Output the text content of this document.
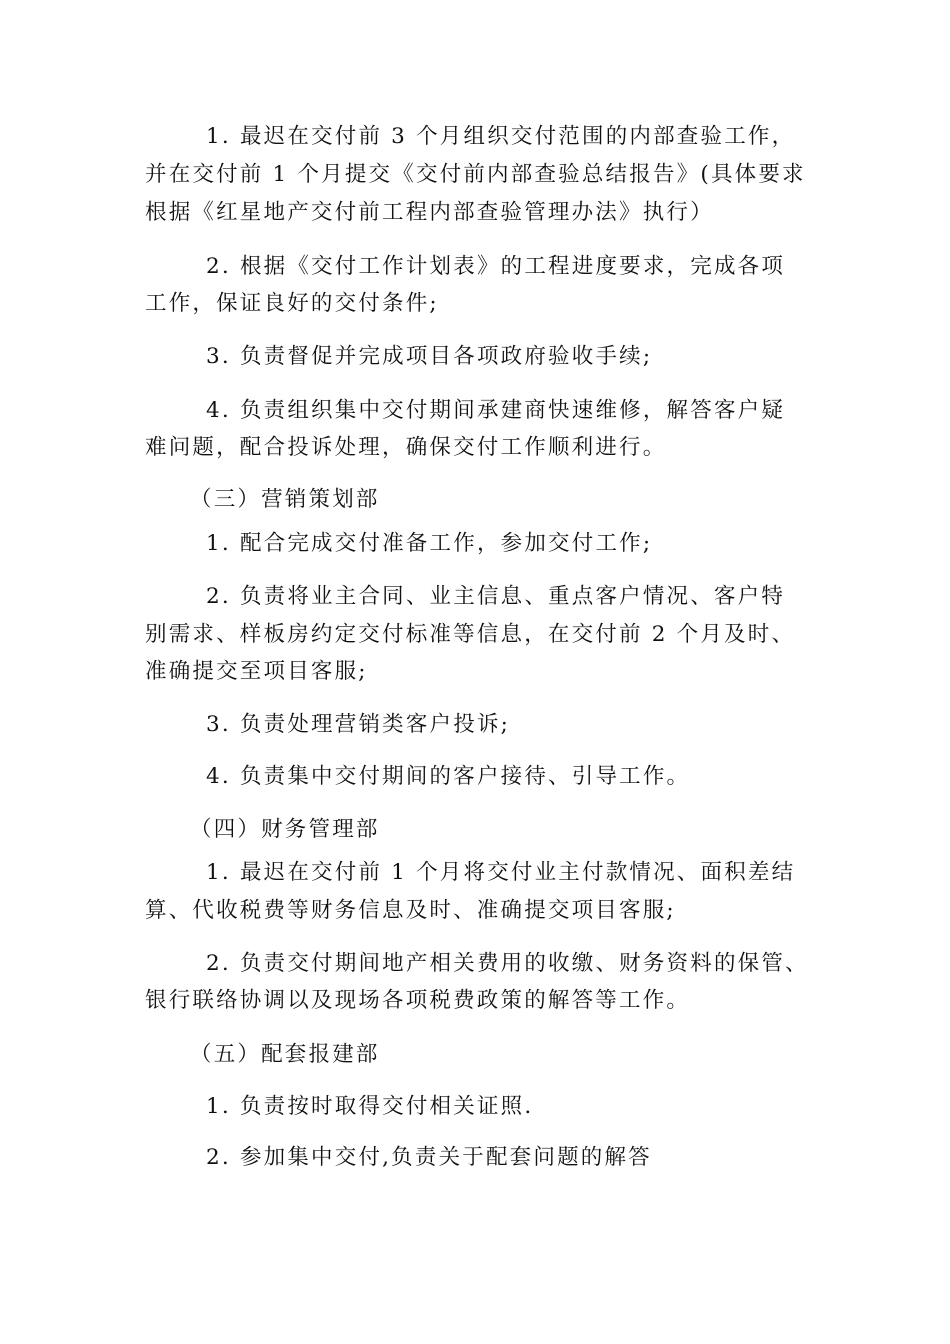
1. 最迟在交付前 3 个月组织交付范围的内部查验工作，
并在交付前 1 个月提交《交付前内部查验总结报告》(具体要求
根据《红星地产交付前工程内部查验管理办法》执行）
2. 根据《交付工作计划表》的工程进度要求，完成各项
工作，保证良好的交付条件;
3. 负责督促并完成项目各项政府验收手续;
4. 负责组织集中交付期间承建商快速维修，解答客户疑
难问题，配合投诉处理，确保交付工作顺利进行。
（三）营销策划部
1. 配合完成交付准备工作，参加交付工作;
2. 负责将业主合同、业主信息、重点客户情况、客户特
别需求、样板房约定交付标准等信息，在交付前 2 个月及时、
准确提交至项目客服;
3. 负责处理营销类客户投诉;
4. 负责集中交付期间的客户接待、引导工作。
（四）财务管理部
1. 最迟在交付前 1 个月将交付业主付款情况、面积差结
算、代收税费等财务信息及时、准确提交项目客服;
2. 负责交付期间地产相关费用的收缴、财务资料的保管、
银行联络协调以及现场各项税费政策的解答等工作。
（五）配套报建部
1. 负责按时取得交付相关证照.
2. 参加集中交付,负责关于配套问题的解答
